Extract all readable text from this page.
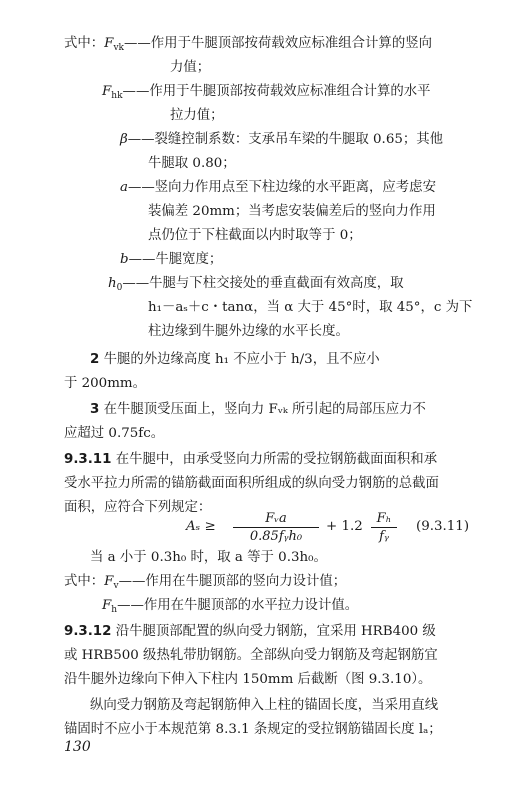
式中：$F_{vk}——$作用于牛腿顶部按荷载效应标准组合计算的竖向
力值；
$F_{hk}——$作用于牛腿顶部按荷载效应标准组合计算的水平
拉力值；
β——裂缝控制系数：支承吊车梁的牛腿取 0.65；其他
牛腿取 0.80；
a——竖向力作用点至下柱边缘的水平距离，应考虑安
装偏差 20mm；当考虑安装偏差后的竖向力作用
点仍位于下柱截面以内时取等于 0；
b——牛腿宽度；
$h_0——$牛腿与下柱交接处的垂直截面有效高度，取
h₁－aₛ＋c・tanα，当 α 大于 45°时，取 45°，c 为下
柱边缘到牛腿外边缘的水平长度。
2 牛腿的外边缘高度 h₁ 不应小于 h/3，且不应小
于 200mm。
3 在牛腿顶受压面上，竖向力 Fᵥₖ 所引起的局部压应力不
应超过 0.75fc。
9.3.11 在牛腿中，由承受竖向力所需的受拉钢筋截面面积和承
受水平拉力所需的锚筋截面面积所组成的纵向受力钢筋的总截面
面积，应符合下列规定：
Aₛ ≥
Fᵥa
0.85fᵧh₀
+ 1.2
Fₕ
fᵧ
(9.3.11)
当 a 小于 0.3h₀ 时，取 a 等于 0.3h₀。
式中：$F_v——$作用在牛腿顶部的竖向力设计值；
$F_h——$作用在牛腿顶部的水平拉力设计值。
9.3.12 沿牛腿顶部配置的纵向受力钢筋，宜采用 HRB400 级
或 HRB500 级热轧带肋钢筋。全部纵向受力钢筋及弯起钢筋宜
沿牛腿外边缘向下伸入下柱内 150mm 后截断（图 9.3.10）。
纵向受力钢筋及弯起钢筋伸入上柱的锚固长度，当采用直线
锚固时不应小于本规范第 8.3.1 条规定的受拉钢筋锚固长度 lₐ；
130
